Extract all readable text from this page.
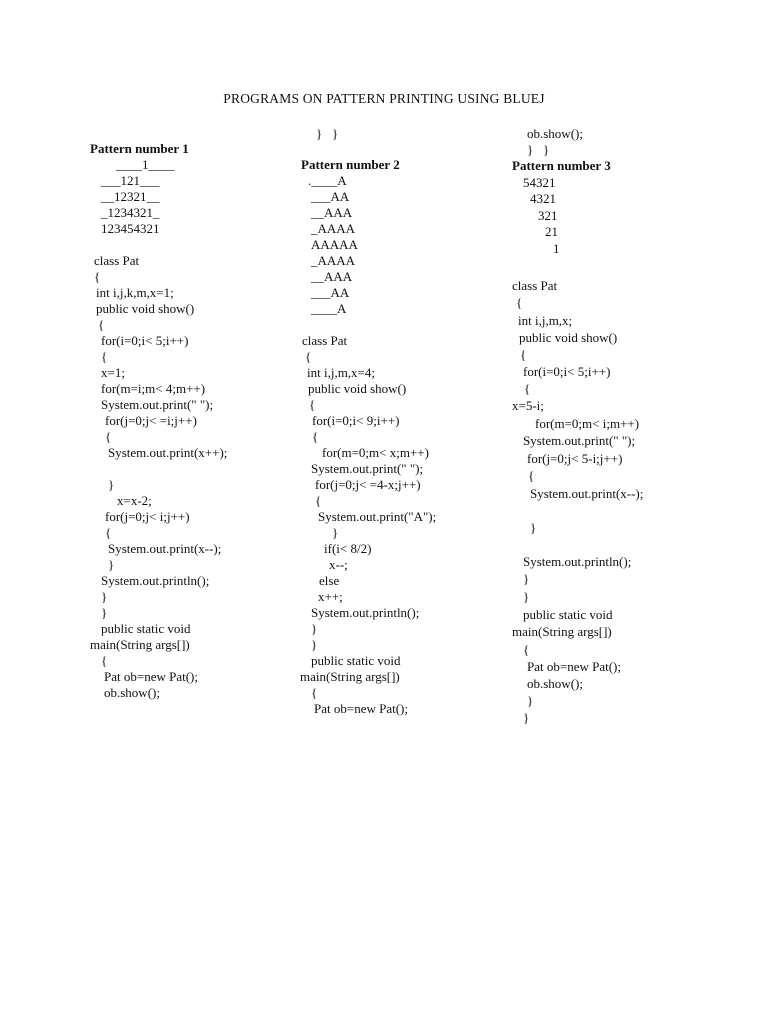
PROGRAMS ON PATTERN PRINTING USING BLUEJ
Pattern number 1
____1____
___121___
__12321__
_1234321_
123454321
class Pat
{
int i,j,k,m,x=1;
public void show()
{
for(i=0;i< 5;i++)
{
x=1;
for(m=i;m< 4;m++)
System.out.print(" ");
for(j=0;j< =i;j++)
{
System.out.print(x++);
}
x=x-2;
for(j=0;j< i;j++)
{
System.out.print(x--);
}
System.out.println();
}
}
public static void
main(String args[])
{
Pat ob=new Pat();
ob.show();
}   }
Pattern number 2
.____A
___AA
__AAA
_AAAA
AAAAA
_AAAA
__AAA
___AA
____A
class Pat
{
int i,j,m,x=4;
public void show()
{
for(i=0;i< 9;i++)
{
for(m=0;m< x;m++)
System.out.print(" ");
for(j=0;j< =4-x;j++)
{
System.out.print("A");
}
if(i< 8/2)
x--;
else
x++;
System.out.println();
}
}
public static void
main(String args[])
{
Pat ob=new Pat();
ob.show();
}   }
Pattern number 3
54321
4321
321
21
1
class Pat
{
int i,j,m,x;
public void show()
{
for(i=0;i< 5;i++)
{
x=5-i;
for(m=0;m< i;m++)
System.out.print(" ");
for(j=0;j< 5-i;j++)
{
System.out.print(x--);
}
System.out.println();
}
}
public static void
main(String args[])
{
Pat ob=new Pat();
ob.show();
}
}
